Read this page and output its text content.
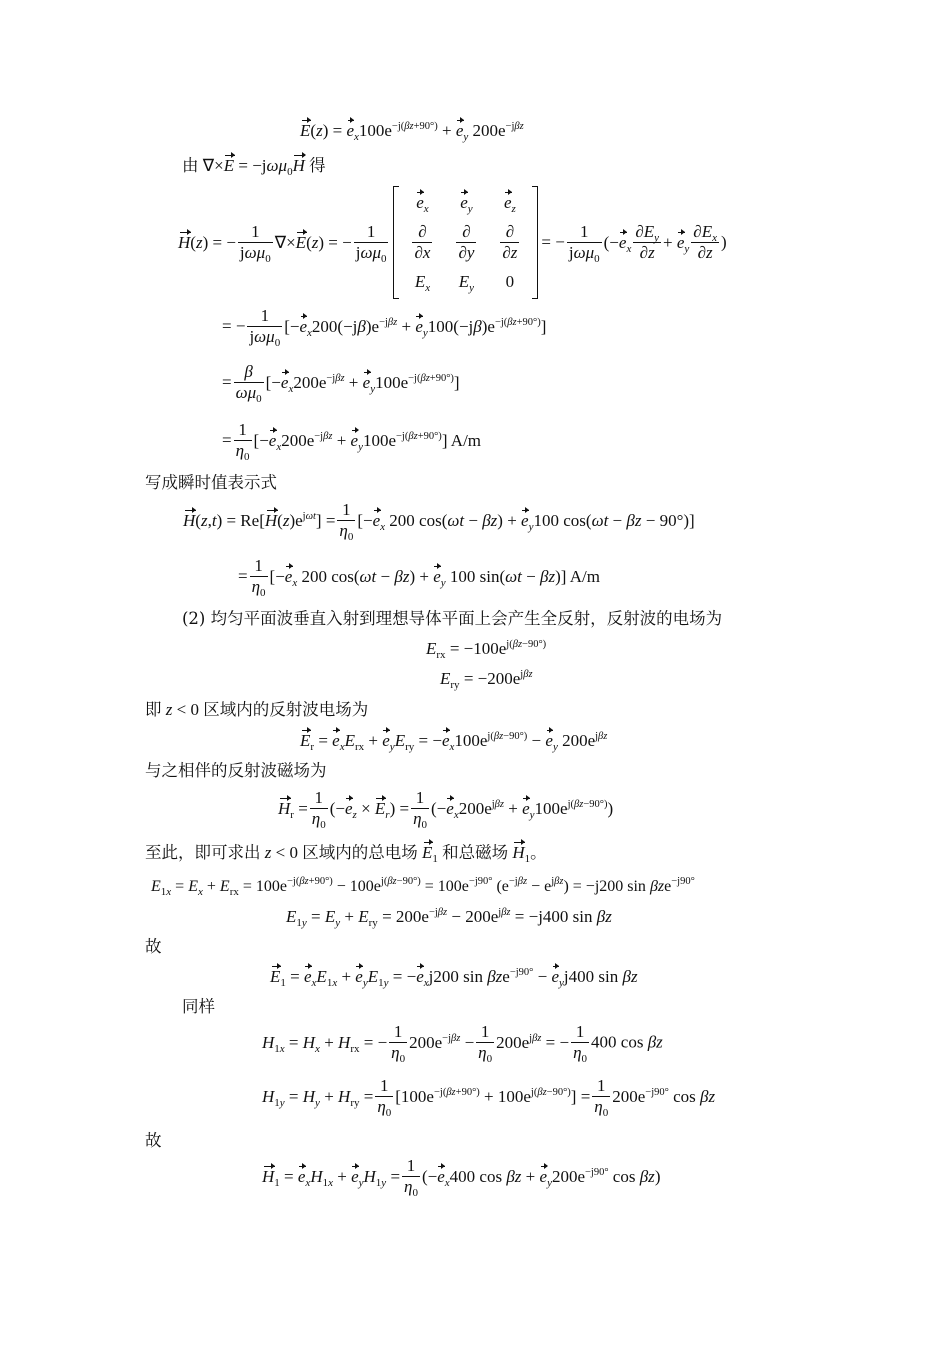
$E(z) = e_x100e^{-j(\beta z+90^\circ)} + e_y$ $200e^{-j\beta z}$
由 ∇×E = −jωμ$_0$H 得
H(z) = − $\frac{1}{j\omega\mu_0} \nabla\times E(z)$ = − $\frac{1}{j\omega\mu_0}$
$e_x$	$e_y$	$e_z$

$\frac{\partial}{\partial x}$	$\frac{\partial}{\partial y}$	$\frac{\partial}{\partial z}$

$E_x$	$E_y$	0
= − $\frac{1}{j\omega\mu_0} (-e_x \frac{\partial E_y}{\partial z} + e_y \frac{\partial E_x}{\partial z}$ )
= − $\frac{1}{j\omega\mu_0} [-e_x200(-j\beta)e^{-j\beta z} + e_y100(-j\beta)e^{-j(\beta z+90^\circ)}]$
= $\frac{\beta}{\omega\mu_0} [-e_x200e^{-j\beta z} + e_y100e^{-j(\beta z+90^\circ)}]$
= $\frac{1}{\eta_0} [-e_x200e^{-j\beta z} + e_y100e^{-j(\beta z+90^\circ)}]$ A/m
写成瞬时值表示式
$H(z,t) = Re[H(z)e^{j\omega t}] = \frac{1}{\eta_0} [-e_x$ 200 $\cos(\omega t - \beta z) + e_y100$ cos(ωt − βz − 90°)]
= $\frac{1}{\eta_0} [-e_x$ 200 $\cos(\omega t - \beta z) + e_y$ 100 sin(ωt − βz)] A/m
(2) 均匀平面波垂直入射到理想导体平面上会产生全反射，反射波的电场为
$E_{rx} = -100e^{j(\beta z-90^\circ)}$
$E_{ry} = -200e^{j\beta z}$
即 z < 0 区域内的反射波电场为
$E_r = e_xE_{rx} + e_yE_{ry} = -e_x100e^{j(\beta z-90^\circ)} - e_y$ $200e^{j\beta z}$
与之相伴的反射波磁场为
$H_r = \frac{1}{\eta_0} (-e_z \times E_r) = \frac{1}{\eta_0} (-e_x200e^{j\beta z} + e_y100e^{j(\beta z-90^\circ)})$
至此，即可求出 z < 0 区域内的总电场 $E_1$ 和总磁场 $H_1$。
$E_{1x} = E_x + E_{rx} = 100e^{-j(\beta z+90^\circ)} - 100e^{j(\beta z-90^\circ)} = 100e^{-j90^\circ}$ $(e^{-j\beta z} - e^{j\beta z}) = -j200$ sin βze$^{-j90^\circ}$
$E_{1y} = E_y + E_{ry} = 200e^{-j\beta z} - 200e^{j\beta z} = -j400$ sin βz
故
$E_1 = e_xE_{1x} + e_yE_{1y} = -e_xj200$ $\sin \beta ze^{-j90^\circ} - e_yj400$ sin βz
同样
$H_{1x} = H_x + H_{rx}$ = − $\frac{1}{\eta_0} 200e^{-j\beta z} - \frac{1}{\eta_0} 200e^{j\beta z}$ = − $\frac{1}{\eta_0} 400$ cos βz
$H_{1y} = H_y + H_{ry} = \frac{1}{\eta_0} [100e^{-j(\beta z+90^\circ)} + 100e^{j(\beta z-90^\circ)}] = \frac{1}{\eta_0} 200e^{-j90^\circ}$ cos βz
故
$H_1 = e_xH_{1x} + e_yH_{1y} = \frac{1}{\eta_0} (-e_x400$ $\cos \beta z + e_y200e^{-j90^\circ}$ cos βz)
